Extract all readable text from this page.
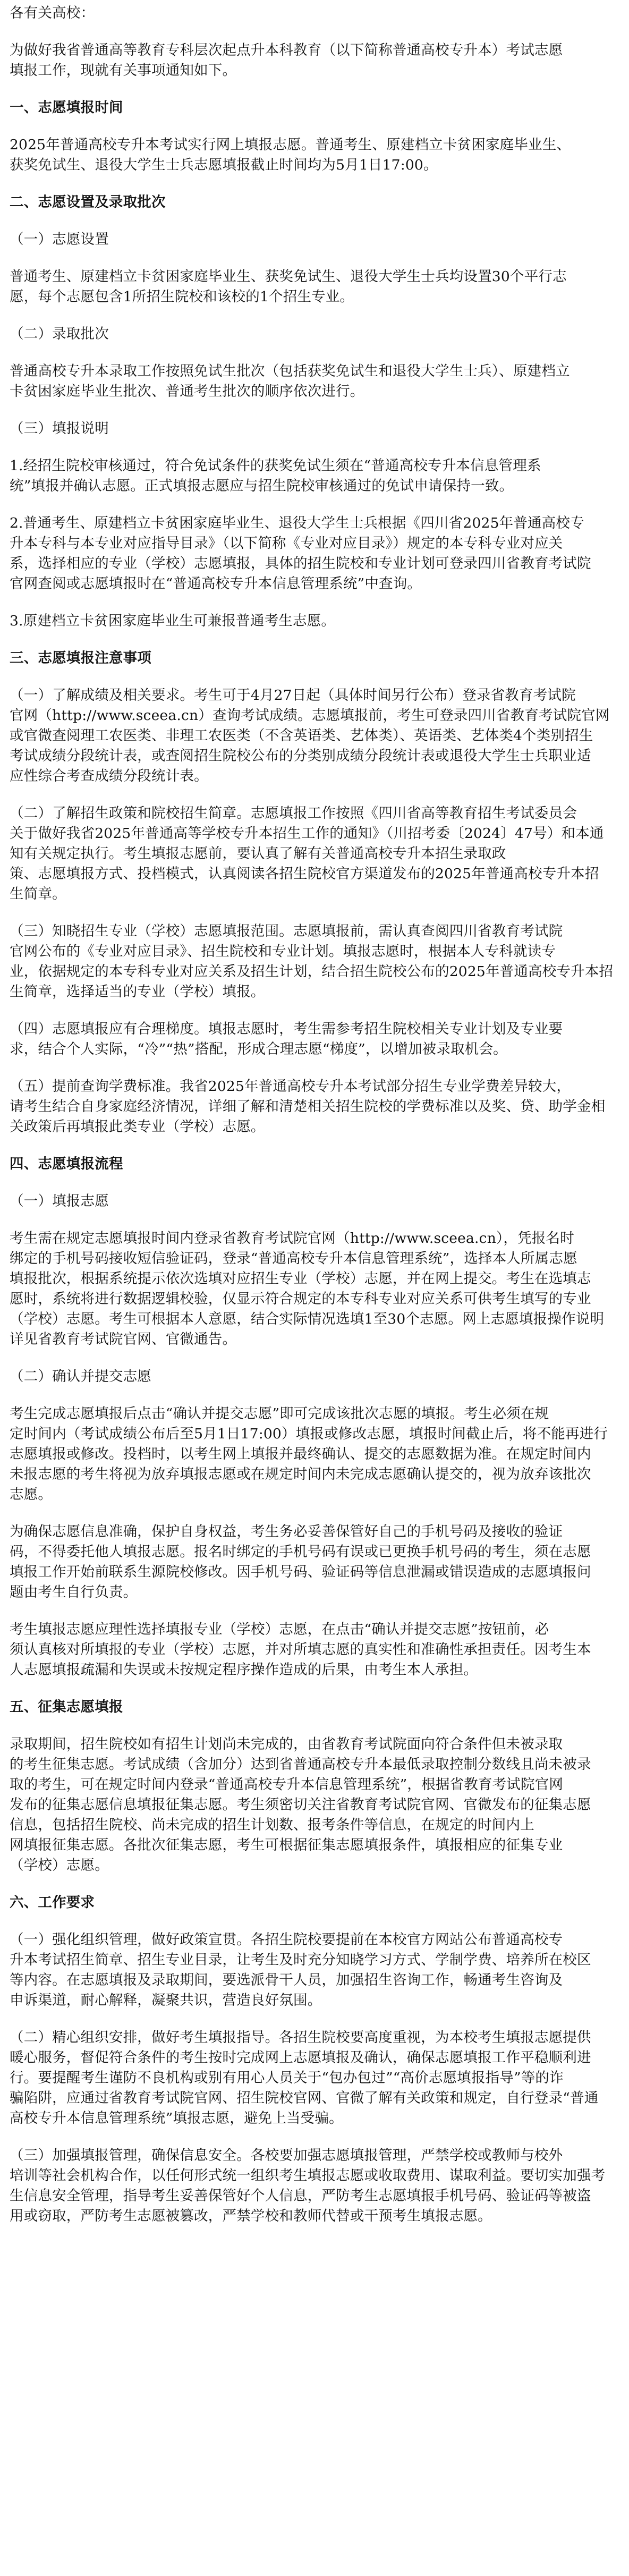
各有关高校：
为做好我省普通高等教育专科层次起点升本科教育（以下简称普通高校专升本）考试志愿
填报工作，现就有关事项通知如下。
一、志愿填报时间
2025年普通高校专升本考试实行网上填报志愿。普通考生、原建档立卡贫困家庭毕业生、
获奖免试生、退役大学生士兵志愿填报截止时间均为5月1日17:00。
二、志愿设置及录取批次
（一）志愿设置
普通考生、原建档立卡贫困家庭毕业生、获奖免试生、退役大学生士兵均设置30个平行志
愿，每个志愿包含1所招生院校和该校的1个招生专业。
（二）录取批次
普通高校专升本录取工作按照免试生批次（包括获奖免试生和退役大学生士兵）、原建档立
卡贫困家庭毕业生批次、普通考生批次的顺序依次进行。
（三）填报说明
1.经招生院校审核通过，符合免试条件的获奖免试生须在“普通高校专升本信息管理系
统”填报并确认志愿。正式填报志愿应与招生院校审核通过的免试申请保持一致。
2.普通考生、原建档立卡贫困家庭毕业生、退役大学生士兵根据《四川省2025年普通高校专
升本专科与本专业对应指导目录》（以下简称《专业对应目录》）规定的本专科专业对应关
系，选择相应的专业（学校）志愿填报，具体的招生院校和专业计划可登录四川省教育考试院
官网查阅或志愿填报时在“普通高校专升本信息管理系统”中查询。
3.原建档立卡贫困家庭毕业生可兼报普通考生志愿。
三、志愿填报注意事项
（一）了解成绩及相关要求。考生可于4月27日起（具体时间另行公布）登录省教育考试院
官网（http://www.sceea.cn）查询考试成绩。志愿填报前，考生可登录四川省教育考试院官网
或官微查阅理工农医类、非理工农医类（不含英语类、艺体类）、英语类、艺体类4个类别招生
考试成绩分段统计表，或查阅招生院校公布的分类别成绩分段统计表或退役大学生士兵职业适
应性综合考查成绩分段统计表。
（二）了解招生政策和院校招生简章。志愿填报工作按照《四川省高等教育招生考试委员会
关于做好我省2025年普通高等学校专升本招生工作的通知》（川招考委〔2024〕47号）和本通
知有关规定执行。考生填报志愿前，要认真了解有关普通高校专升本招生录取政
策、志愿填报方式、投档模式，认真阅读各招生院校官方渠道发布的2025年普通高校专升本招
生简章。
（三）知晓招生专业（学校）志愿填报范围。志愿填报前，需认真查阅四川省教育考试院
官网公布的《专业对应目录》、招生院校和专业计划。填报志愿时，根据本人专科就读专
业，依据规定的本专科专业对应关系及招生计划，结合招生院校公布的2025年普通高校专升本招
生简章，选择适当的专业（学校）填报。
（四）志愿填报应有合理梯度。填报志愿时，考生需参考招生院校相关专业计划及专业要
求，结合个人实际，“冷”“热”搭配，形成合理志愿“梯度”，以增加被录取机会。
（五）提前查询学费标准。我省2025年普通高校专升本考试部分招生专业学费差异较大，
请考生结合自身家庭经济情况，详细了解和清楚相关招生院校的学费标准以及奖、贷、助学金相
关政策后再填报此类专业（学校）志愿。
四、志愿填报流程
（一）填报志愿
考生需在规定志愿填报时间内登录省教育考试院官网（http://www.sceea.cn），凭报名时
绑定的手机号码接收短信验证码，登录“普通高校专升本信息管理系统”，选择本人所属志愿
填报批次，根据系统提示依次选填对应招生专业（学校）志愿，并在网上提交。考生在选填志
愿时，系统将进行数据逻辑校验，仅显示符合规定的本专科专业对应关系可供考生填写的专业
（学校）志愿。考生可根据本人意愿，结合实际情况选填1至30个志愿。网上志愿填报操作说明
详见省教育考试院官网、官微通告。
（二）确认并提交志愿
考生完成志愿填报后点击“确认并提交志愿”即可完成该批次志愿的填报。考生必须在规
定时间内（考试成绩公布后至5月1日17:00）填报或修改志愿，填报时间截止后，将不能再进行
志愿填报或修改。投档时，以考生网上填报并最终确认、提交的志愿数据为准。在规定时间内
未报志愿的考生将视为放弃填报志愿或在规定时间内未完成志愿确认提交的，视为放弃该批次
志愿。
为确保志愿信息准确，保护自身权益，考生务必妥善保管好自己的手机号码及接收的验证
码，不得委托他人填报志愿。报名时绑定的手机号码有误或已更换手机号码的考生，须在志愿
填报工作开始前联系生源院校修改。因手机号码、验证码等信息泄漏或错误造成的志愿填报问
题由考生自行负责。
考生填报志愿应理性选择填报专业（学校）志愿，在点击“确认并提交志愿”按钮前，必
须认真核对所填报的专业（学校）志愿，并对所填志愿的真实性和准确性承担责任。因考生本
人志愿填报疏漏和失误或未按规定程序操作造成的后果，由考生本人承担。
五、征集志愿填报
录取期间，招生院校如有招生计划尚未完成的，由省教育考试院面向符合条件但未被录取
的考生征集志愿。考试成绩（含加分）达到省普通高校专升本最低录取控制分数线且尚未被录
取的考生，可在规定时间内登录“普通高校专升本信息管理系统”，根据省教育考试院官网
发布的征集志愿信息填报征集志愿。考生须密切关注省教育考试院官网、官微发布的征集志愿
信息，包括招生院校、尚未完成的招生计划数、报考条件等信息，在规定的时间内上
网填报征集志愿。各批次征集志愿，考生可根据征集志愿填报条件，填报相应的征集专业
（学校）志愿。
六、工作要求
（一）强化组织管理，做好政策宣贯。各招生院校要提前在本校官方网站公布普通高校专
升本考试招生简章、招生专业目录，让考生及时充分知晓学习方式、学制学费、培养所在校区
等内容。在志愿填报及录取期间，要选派骨干人员，加强招生咨询工作，畅通考生咨询及
申诉渠道，耐心解释，凝聚共识，营造良好氛围。
（二）精心组织安排，做好考生填报指导。各招生院校要高度重视，为本校考生填报志愿提供
暖心服务，督促符合条件的考生按时完成网上志愿填报及确认，确保志愿填报工作平稳顺利进
行。要提醒考生谨防不良机构或别有用心人员关于“包办包过”“高价志愿填报指导”等的诈
骗陷阱，应通过省教育考试院官网、招生院校官网、官微了解有关政策和规定，自行登录“普通
高校专升本信息管理系统”填报志愿，避免上当受骗。
（三）加强填报管理，确保信息安全。各校要加强志愿填报管理，严禁学校或教师与校外
培训等社会机构合作，以任何形式统一组织考生填报志愿或收取费用、谋取利益。要切实加强考
生信息安全管理，指导考生妥善保管好个人信息，严防考生志愿填报手机号码、验证码等被盗
用或窃取，严防考生志愿被篡改，严禁学校和教师代替或干预考生填报志愿。
